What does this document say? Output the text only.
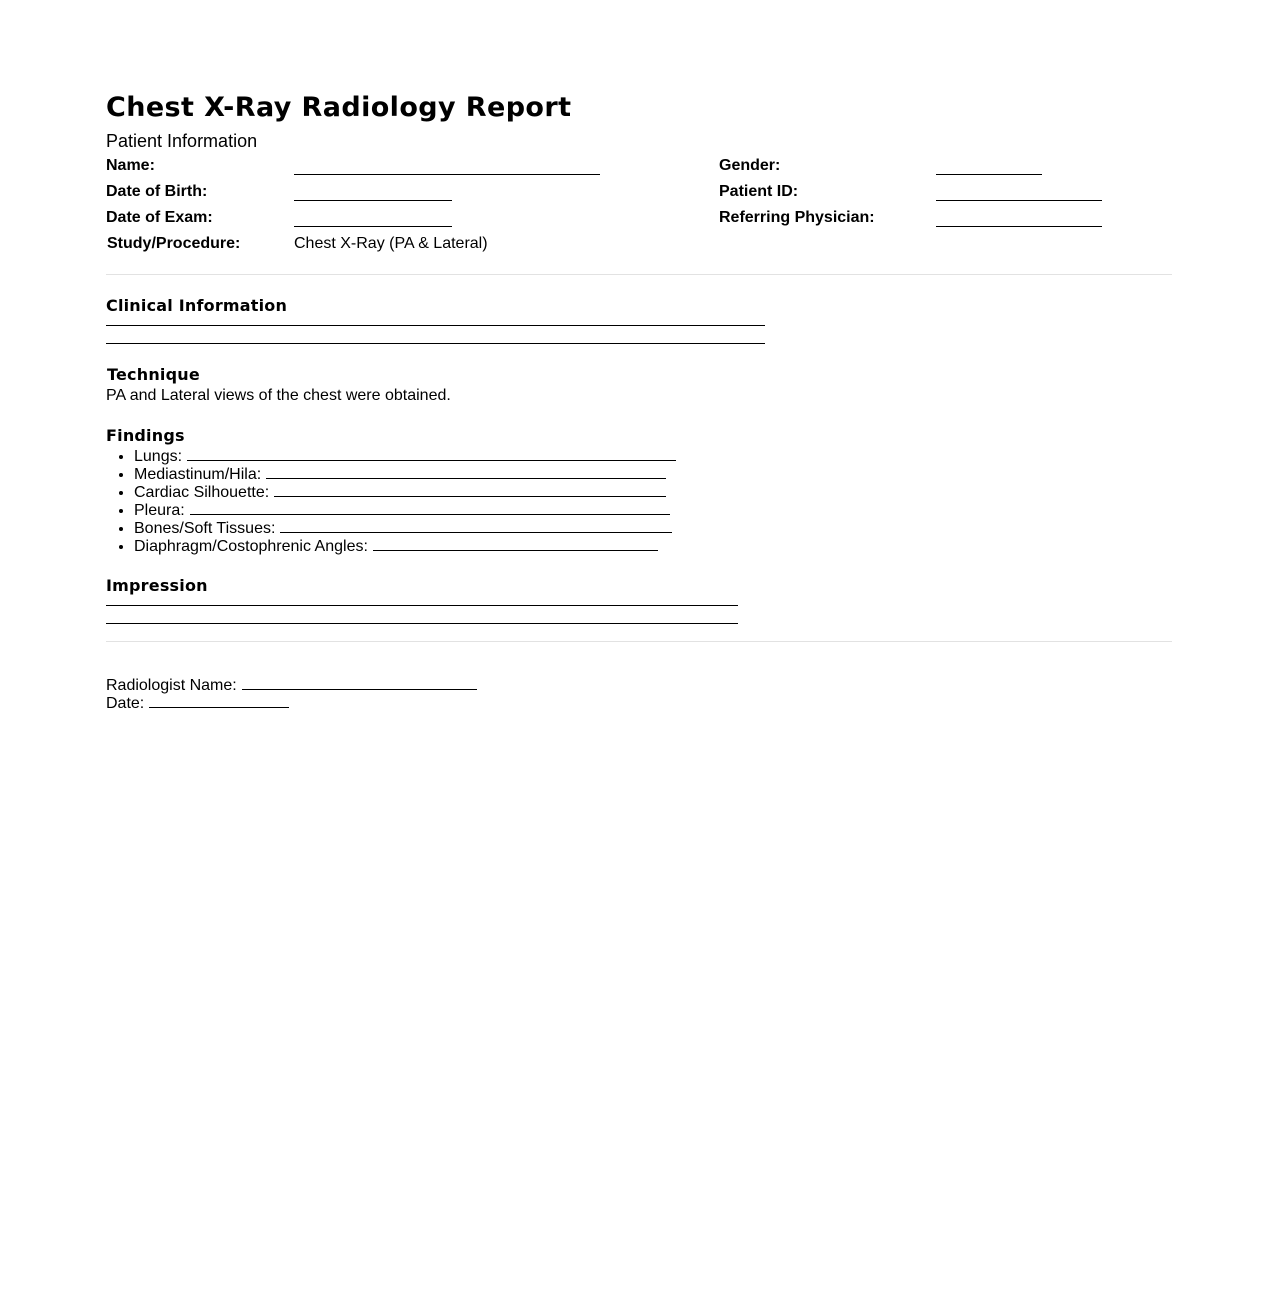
Chest X-Ray Radiology Report
Patient Information
Name:	Gender:
Date of Birth:	Patient ID:
Date of Exam:	Referring Physician:
Study/Procedure:	Chest X-Ray (PA & Lateral)
Clinical Information
Technique
PA and Lateral views of the chest were obtained.
Findings
• Lungs:
• Mediastinum/Hila:
• Cardiac Silhouette:
• Pleura:
• Bones/Soft Tissues:
• Diaphragm/Costophrenic Angles:
Impression
Radiologist Name:
Date:
